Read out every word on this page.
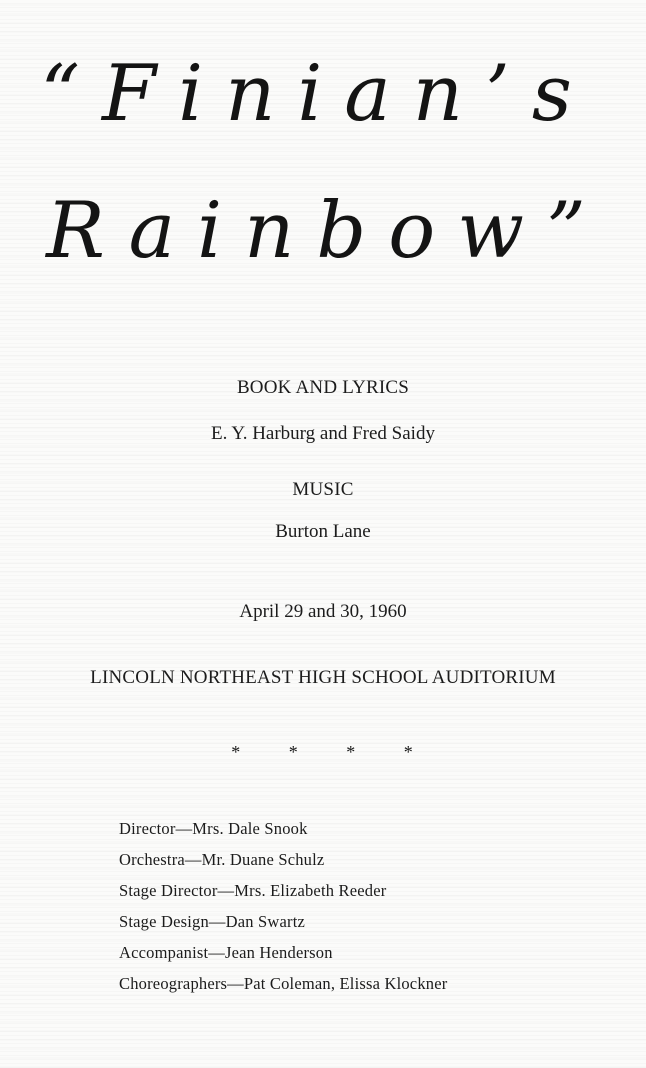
“Finian’s
Rainbow”
BOOK AND LYRICS
E. Y. Harburg and Fred Saidy
MUSIC
Burton Lane
April 29 and 30, 1960
LINCOLN NORTHEAST HIGH SCHOOL AUDITORIUM
* * * *
Director—Mrs. Dale Snook
Orchestra—Mr. Duane Schulz
Stage Director—Mrs. Elizabeth Reeder
Stage Design—Dan Swartz
Accompanist—Jean Henderson
Choreographers—Pat Coleman, Elissa Klockner
